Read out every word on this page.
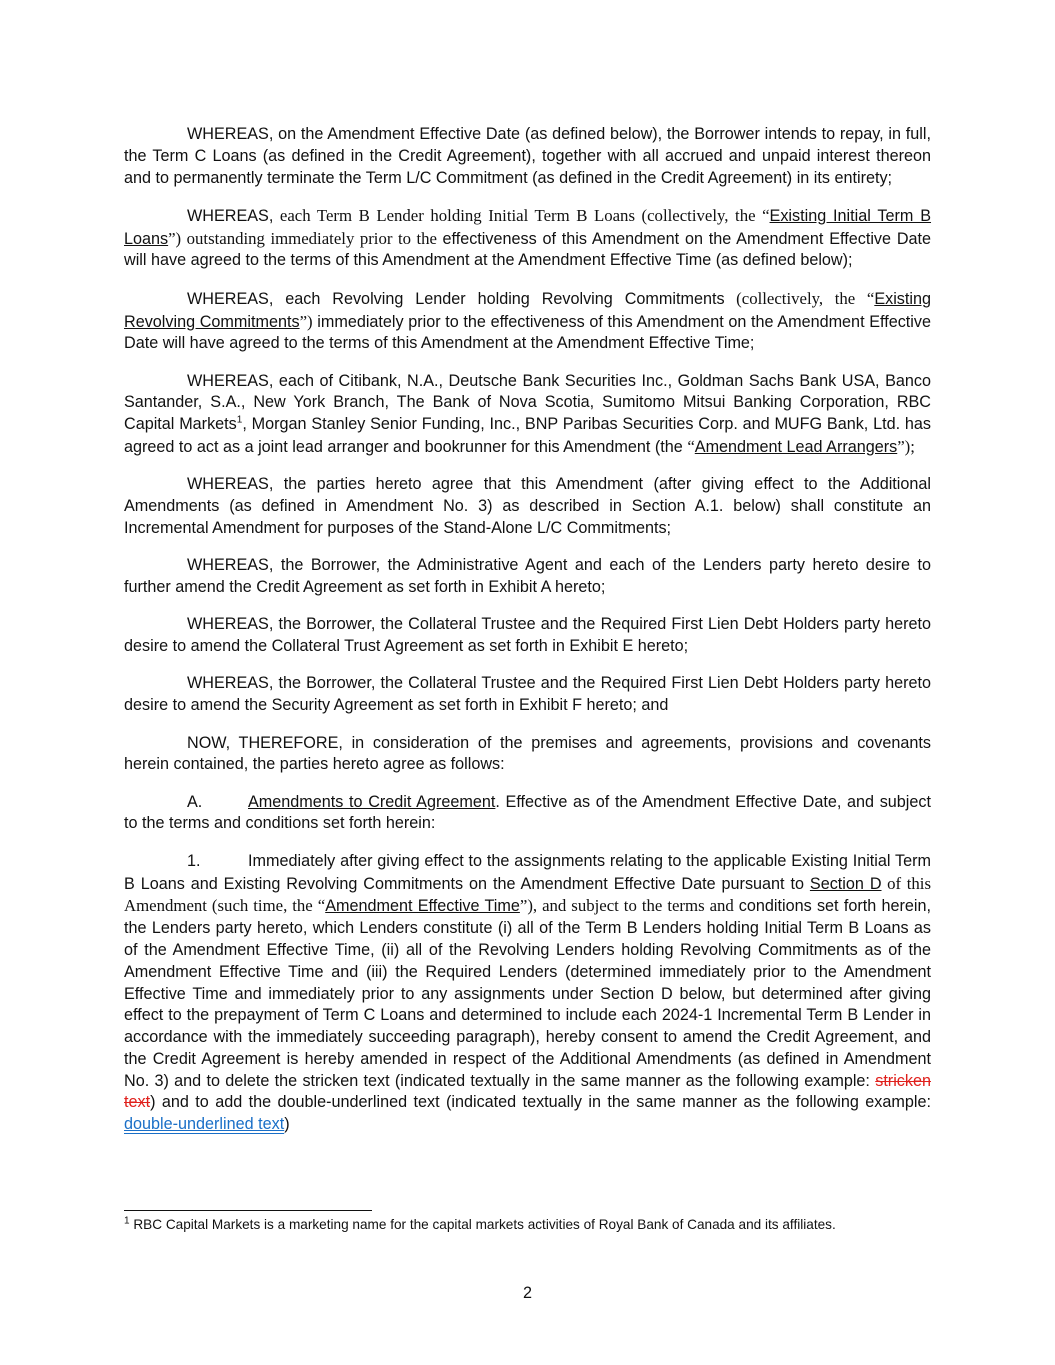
WHEREAS, on the Amendment Effective Date (as defined below), the Borrower intends to repay, in full, the Term C Loans (as defined in the Credit Agreement), together with all accrued and unpaid interest thereon and to permanently terminate the Term L/C Commitment (as defined in the Credit Agreement) in its entirety;

WHEREAS, each Term B Lender holding Initial Term B Loans (collectively, the “Existing Initial Term B Loans”) outstanding immediately prior to the effectiveness of this Amendment on the Amendment Effective Date will have agreed to the terms of this Amendment at the Amendment Effective Time (as defined below);

WHEREAS, each Revolving Lender holding Revolving Commitments (collectively, the “Existing Revolving Commitments”) immediately prior to the effectiveness of this Amendment on the Amendment Effective Date will have agreed to the terms of this Amendment at the Amendment Effective Time;

WHEREAS, each of Citibank, N.A., Deutsche Bank Securities Inc., Goldman Sachs Bank USA, Banco Santander, S.A., New York Branch, The Bank of Nova Scotia, Sumitomo Mitsui Banking Corporation, RBC Capital Markets$^1$, Morgan Stanley Senior Funding, Inc., BNP Paribas Securities Corp. and MUFG Bank, Ltd. has agreed to act as a joint lead arranger and bookrunner for this Amendment (the “Amendment Lead Arrangers”);

WHEREAS, the parties hereto agree that this Amendment (after giving effect to the Additional Amendments (as defined in Amendment No. 3) as described in Section A.1. below) shall constitute an Incremental Amendment for purposes of the Stand-Alone L/C Commitments;

WHEREAS, the Borrower, the Administrative Agent and each of the Lenders party hereto desire to further amend the Credit Agreement as set forth in Exhibit A hereto;

WHEREAS, the Borrower, the Collateral Trustee and the Required First Lien Debt Holders party hereto desire to amend the Collateral Trust Agreement as set forth in Exhibit E hereto;

WHEREAS, the Borrower, the Collateral Trustee and the Required First Lien Debt Holders party hereto desire to amend the Security Agreement as set forth in Exhibit F hereto; and

NOW, THEREFORE, in consideration of the premises and agreements, provisions and covenants herein contained, the parties hereto agree as follows:

A.	Amendments to Credit Agreement. Effective as of the Amendment Effective Date, and subject to the terms and conditions set forth herein:

1.	Immediately after giving effect to the assignments relating to the applicable Existing Initial Term B Loans and Existing Revolving Commitments on the Amendment Effective Date pursuant to Section D of this Amendment (such time, the “Amendment Effective Time”), and subject to the terms and conditions set forth herein, the Lenders party hereto, which Lenders constitute (i) all of the Term B Lenders holding Initial Term B Loans as of the Amendment Effective Time, (ii) all of the Revolving Lenders holding Revolving Commitments as of the Amendment Effective Time and (iii) the Required Lenders (determined immediately prior to the Amendment Effective Time and immediately prior to any assignments under Section D below, but determined after giving effect to the prepayment of Term C Loans and determined to include each 2024-1 Incremental Term B Lender in accordance with the immediately succeeding paragraph), hereby consent to amend the Credit Agreement, and the Credit Agreement is hereby amended in respect of the Additional Amendments (as defined in Amendment No. 3) and to delete the stricken text (indicated textually in the same manner as the following example: stricken text) and to add the double-underlined text (indicated textually in the same manner as the following example: double-underlined text)

$^1$ RBC Capital Markets is a marketing name for the capital markets activities of Royal Bank of Canada and its affiliates.

2
